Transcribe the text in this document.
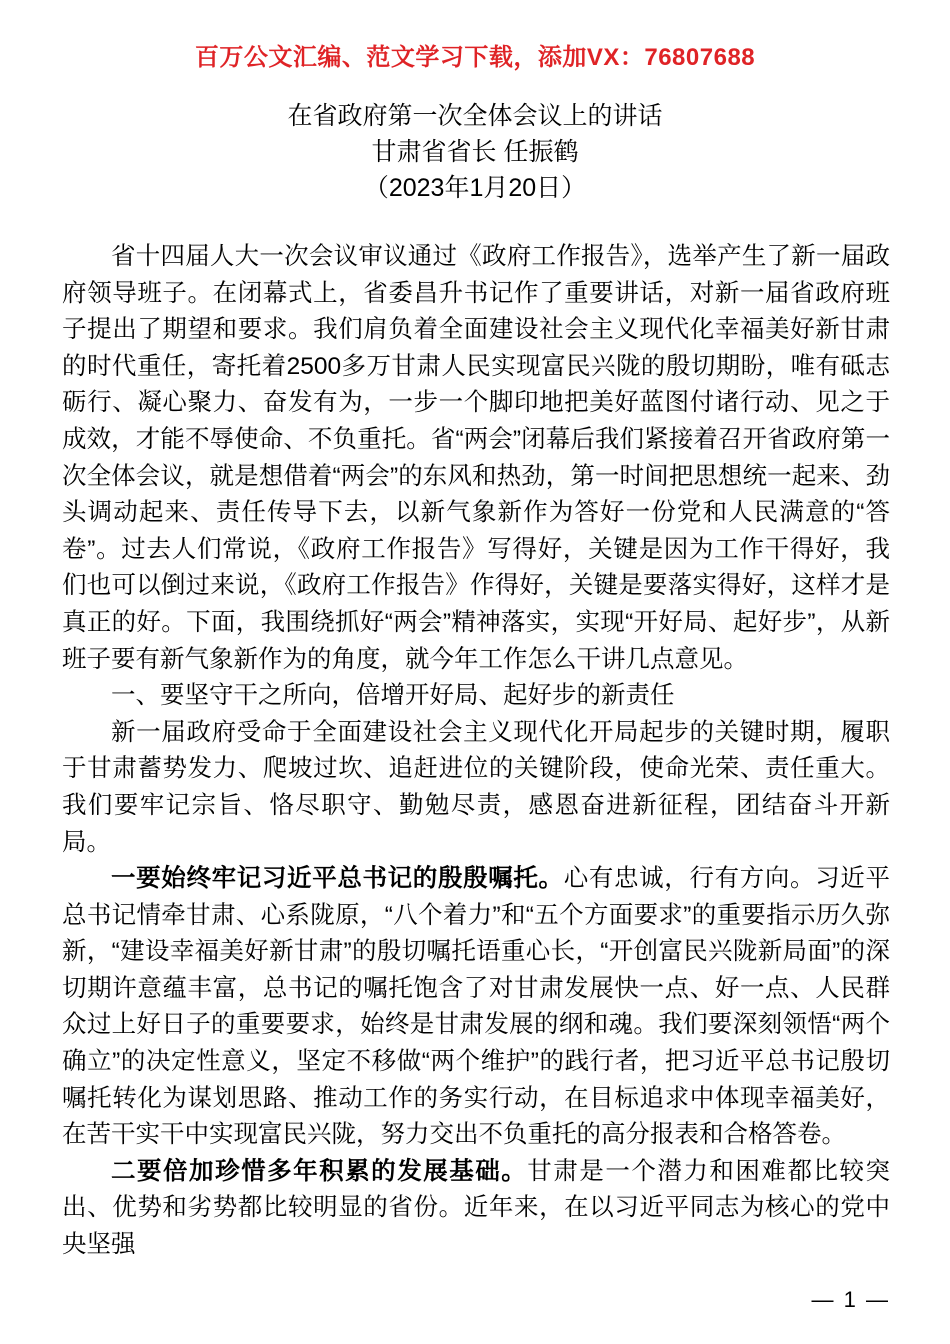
百万公文汇编、范文学习下载，添加VX：76807688
在省政府第一次全体会议上的讲话
甘肃省省长 任振鹤
（2023年1月20日）

省十四届人大一次会议审议通过《政府工作报告》，选举产生了新一届政府领导班子。在闭幕式上，省委昌升书记作了重要讲话，对新一届省政府班子提出了期望和要求。我们肩负着全面建设社会主义现代化幸福美好新甘肃的时代重任，寄托着2500多万甘肃人民实现富民兴陇的殷切期盼，唯有砥志砺行、凝心聚力、奋发有为，一步一个脚印地把美好蓝图付诸行动、见之于成效，才能不辱使命、不负重托。省“两会”闭幕后我们紧接着召开省政府第一次全体会议，就是想借着“两会”的东风和热劲，第一时间把思想统一起来、劲头调动起来、责任传导下去，以新气象新作为答好一份党和人民满意的“答卷”。过去人们常说，《政府工作报告》写得好，关键是因为工作干得好，我们也可以倒过来说，《政府工作报告》作得好，关键是要落实得好，这样才是真正的好。下面，我围绕抓好“两会”精神落实，实现“开好局、起好步”，从新班子要有新气象新作为的角度，就今年工作怎么干讲几点意见。

一、要坚守干之所向，倍增开好局、起好步的新责任

新一届政府受命于全面建设社会主义现代化开局起步的关键时期，履职于甘肃蓄势发力、爬坡过坎、追赶进位的关键阶段，使命光荣、责任重大。我们要牢记宗旨、恪尽职守、勤勉尽责，感恩奋进新征程，团结奋斗开新局。

一要始终牢记习近平总书记的殷殷嘱托。心有忠诚，行有方向。习近平总书记情牵甘肃、心系陇原，“八个着力”和“五个方面要求”的重要指示历久弥新，“建设幸福美好新甘肃”的殷切嘱托语重心长，“开创富民兴陇新局面”的深切期许意蕴丰富，总书记的嘱托饱含了对甘肃发展快一点、好一点、人民群众过上好日子的重要要求，始终是甘肃发展的纲和魂。我们要深刻领悟“两个确立”的决定性意义，坚定不移做“两个维护”的践行者，把习近平总书记殷切嘱托转化为谋划思路、推动工作的务实行动，在目标追求中体现幸福美好，在苦干实干中实现富民兴陇，努力交出不负重托的高分报表和合格答卷。

二要倍加珍惜多年积累的发展基础。甘肃是一个潜力和困难都比较突出、优势和劣势都比较明显的省份。近年来，在以习近平同志为核心的党中央坚强

— 1 —
